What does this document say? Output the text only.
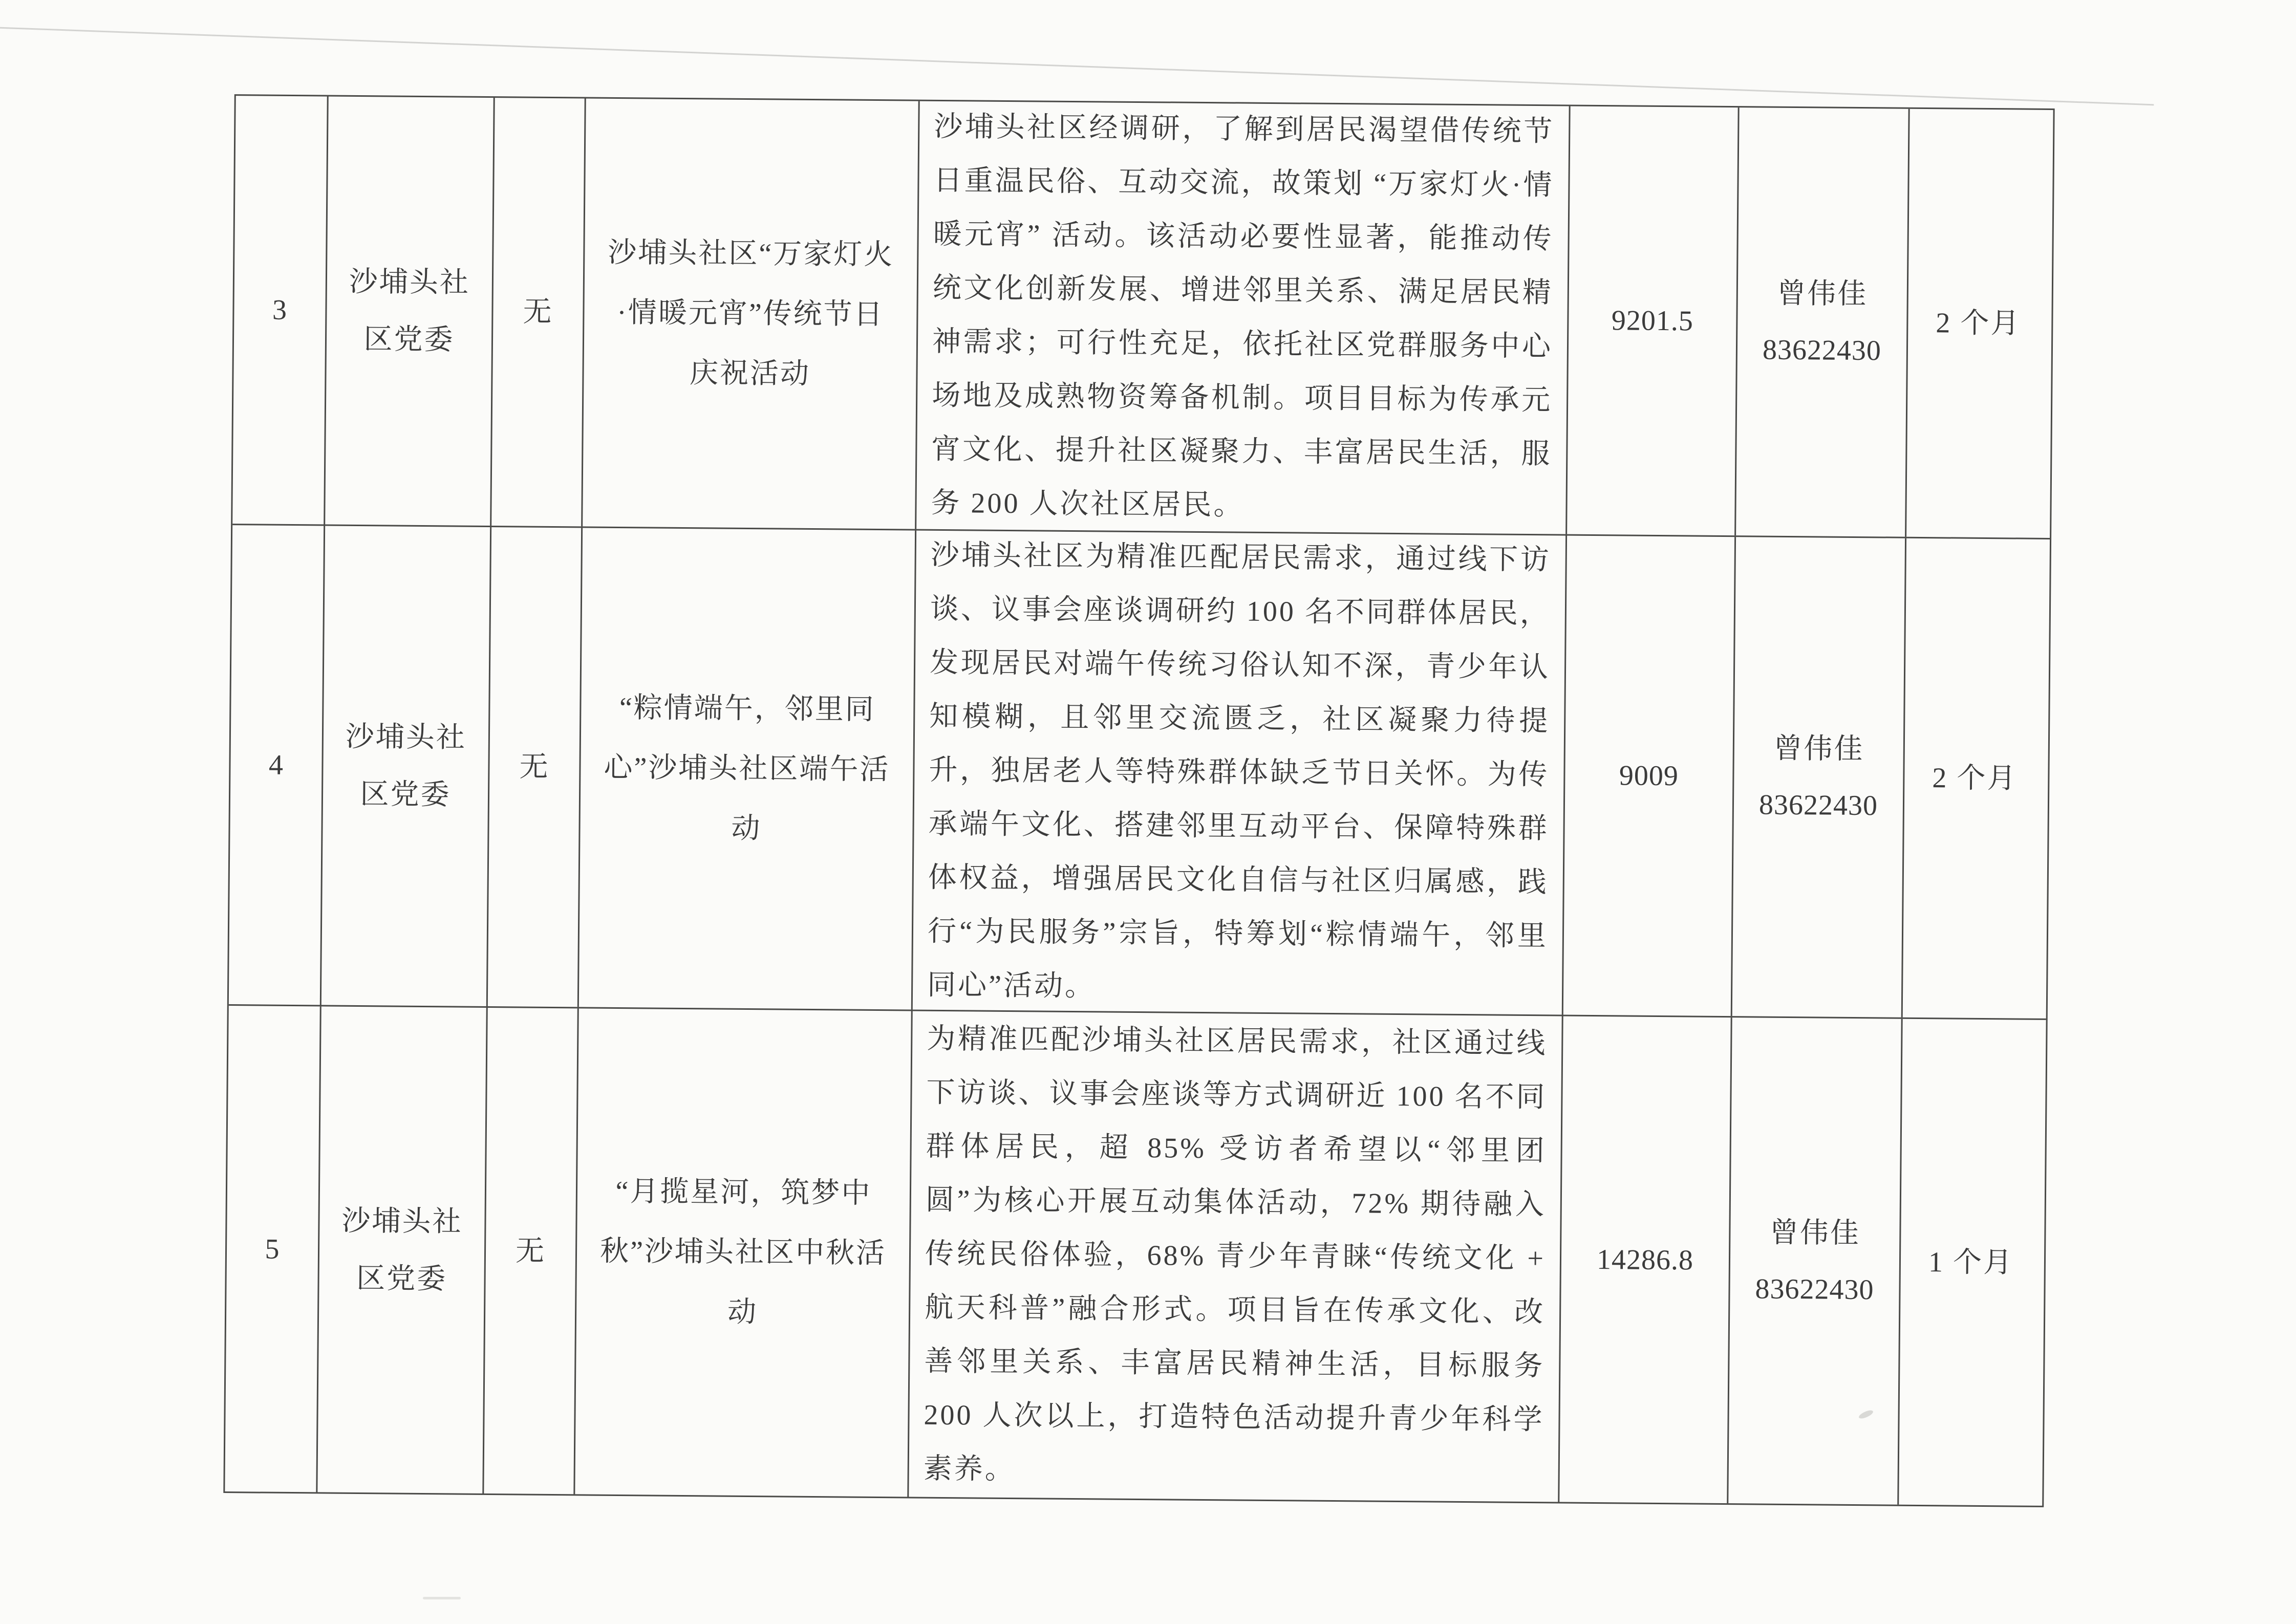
3
沙埔头社区党委
无
沙埔头社区“万家灯火·情暖元宵”传统节日庆祝活动

沙埔头社区经调研，了解到居民渴望借传统节日重温民俗、互动交流，故策划 “万家灯火·情暖元宵” 活动。该活动必要性显著，能推动传统文化创新发展、增进邻里关系、满足居民精神需求；可行性充足，依托社区党群服务中心场地及成熟物资筹备机制。项目目标为传承元宵文化、提升社区凝聚力、丰富居民生活，服务 200 人次社区居民。

9201.5
曾伟佳
83622430
2 个月
4
沙埔头社区党委
无
“粽情端午，邻里同心”沙埔头社区端午活动

沙埔头社区为精准匹配居民需求，通过线下访谈、议事会座谈调研约 100 名不同群体居民，发现居民对端午传统习俗认知不深，青少年认知模糊，且邻里交流匮乏，社区凝聚力待提升，独居老人等特殊群体缺乏节日关怀。为传承端午文化、搭建邻里互动平台、保障特殊群体权益，增强居民文化自信与社区归属感，践行“为民服务”宗旨，特筹划“粽情端午，邻里同心”活动。

9009
曾伟佳
83622430
2 个月
5
沙埔头社区党委
无
“月揽星河，筑梦中秋”沙埔头社区中秋活动

为精准匹配沙埔头社区居民需求，社区通过线下访谈、议事会座谈等方式调研近 100 名不同群体居民，超 85% 受访者希望以“邻里团圆”为核心开展互动集体活动，72% 期待融入传统民俗体验，68% 青少年青睐“传统文化 + 航天科普”融合形式。项目旨在传承文化、改善邻里关系、丰富居民精神生活，目标服务 200 人次以上，打造特色活动提升青少年科学素养。

14286.8
曾伟佳
83622430
1 个月
